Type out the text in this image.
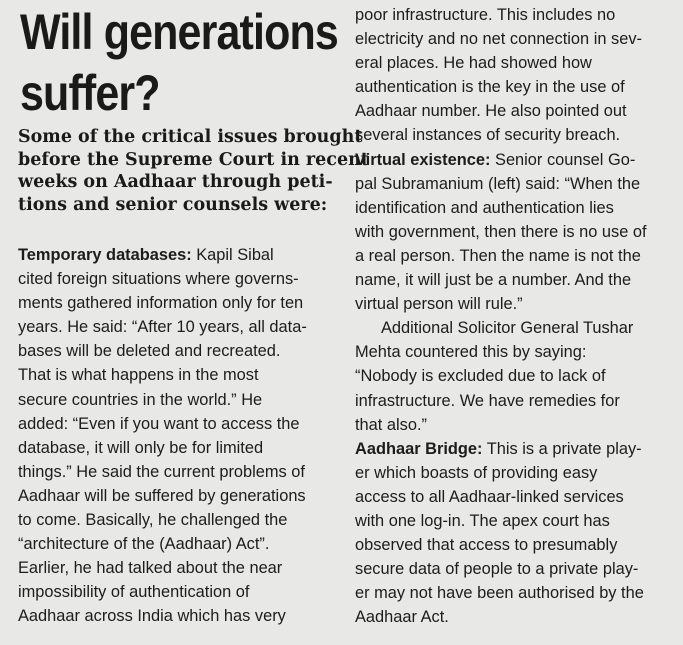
Will generations
suffer?
Some of the critical issues brought
before the Supreme Court in recent
weeks on Aadhaar through peti-
tions and senior counsels were:
Temporary databases: Kapil Sibal
cited foreign situations where governs-
ments gathered information only for ten
years. He said: “After 10 years, all data-
bases will be deleted and recreated.
That is what happens in the most
secure countries in the world.” He
added: “Even if you want to access the
database, it will only be for limited
things.” He said the current problems of
Aadhaar will be suffered by generations
to come. Basically, he challenged the
“architecture of the (Aadhaar) Act”.
Earlier, he had talked about the near
impossibility of authentication of
Aadhaar across India which has very
poor infrastructure. This includes no
electricity and no net connection in sev-
eral places. He had showed how
authentication is the key in the use of
Aadhaar number. He also pointed out
several instances of security breach.
Virtual existence: Senior counsel Go-
pal Subramanium (left) said: “When the
identification and authentication lies
with government, then there is no use of
a real person. Then the name is not the
name, it will just be a number. And the
virtual person will rule.”
Additional Solicitor General Tushar
Mehta countered this by saying:
“Nobody is excluded due to lack of
infrastructure. We have remedies for
that also.”
Aadhaar Bridge: This is a private play-
er which boasts of providing easy
access to all Aadhaar-linked services
with one log-in. The apex court has
observed that access to presumably
secure data of people to a private play-
er may not have been authorised by the
Aadhaar Act.
